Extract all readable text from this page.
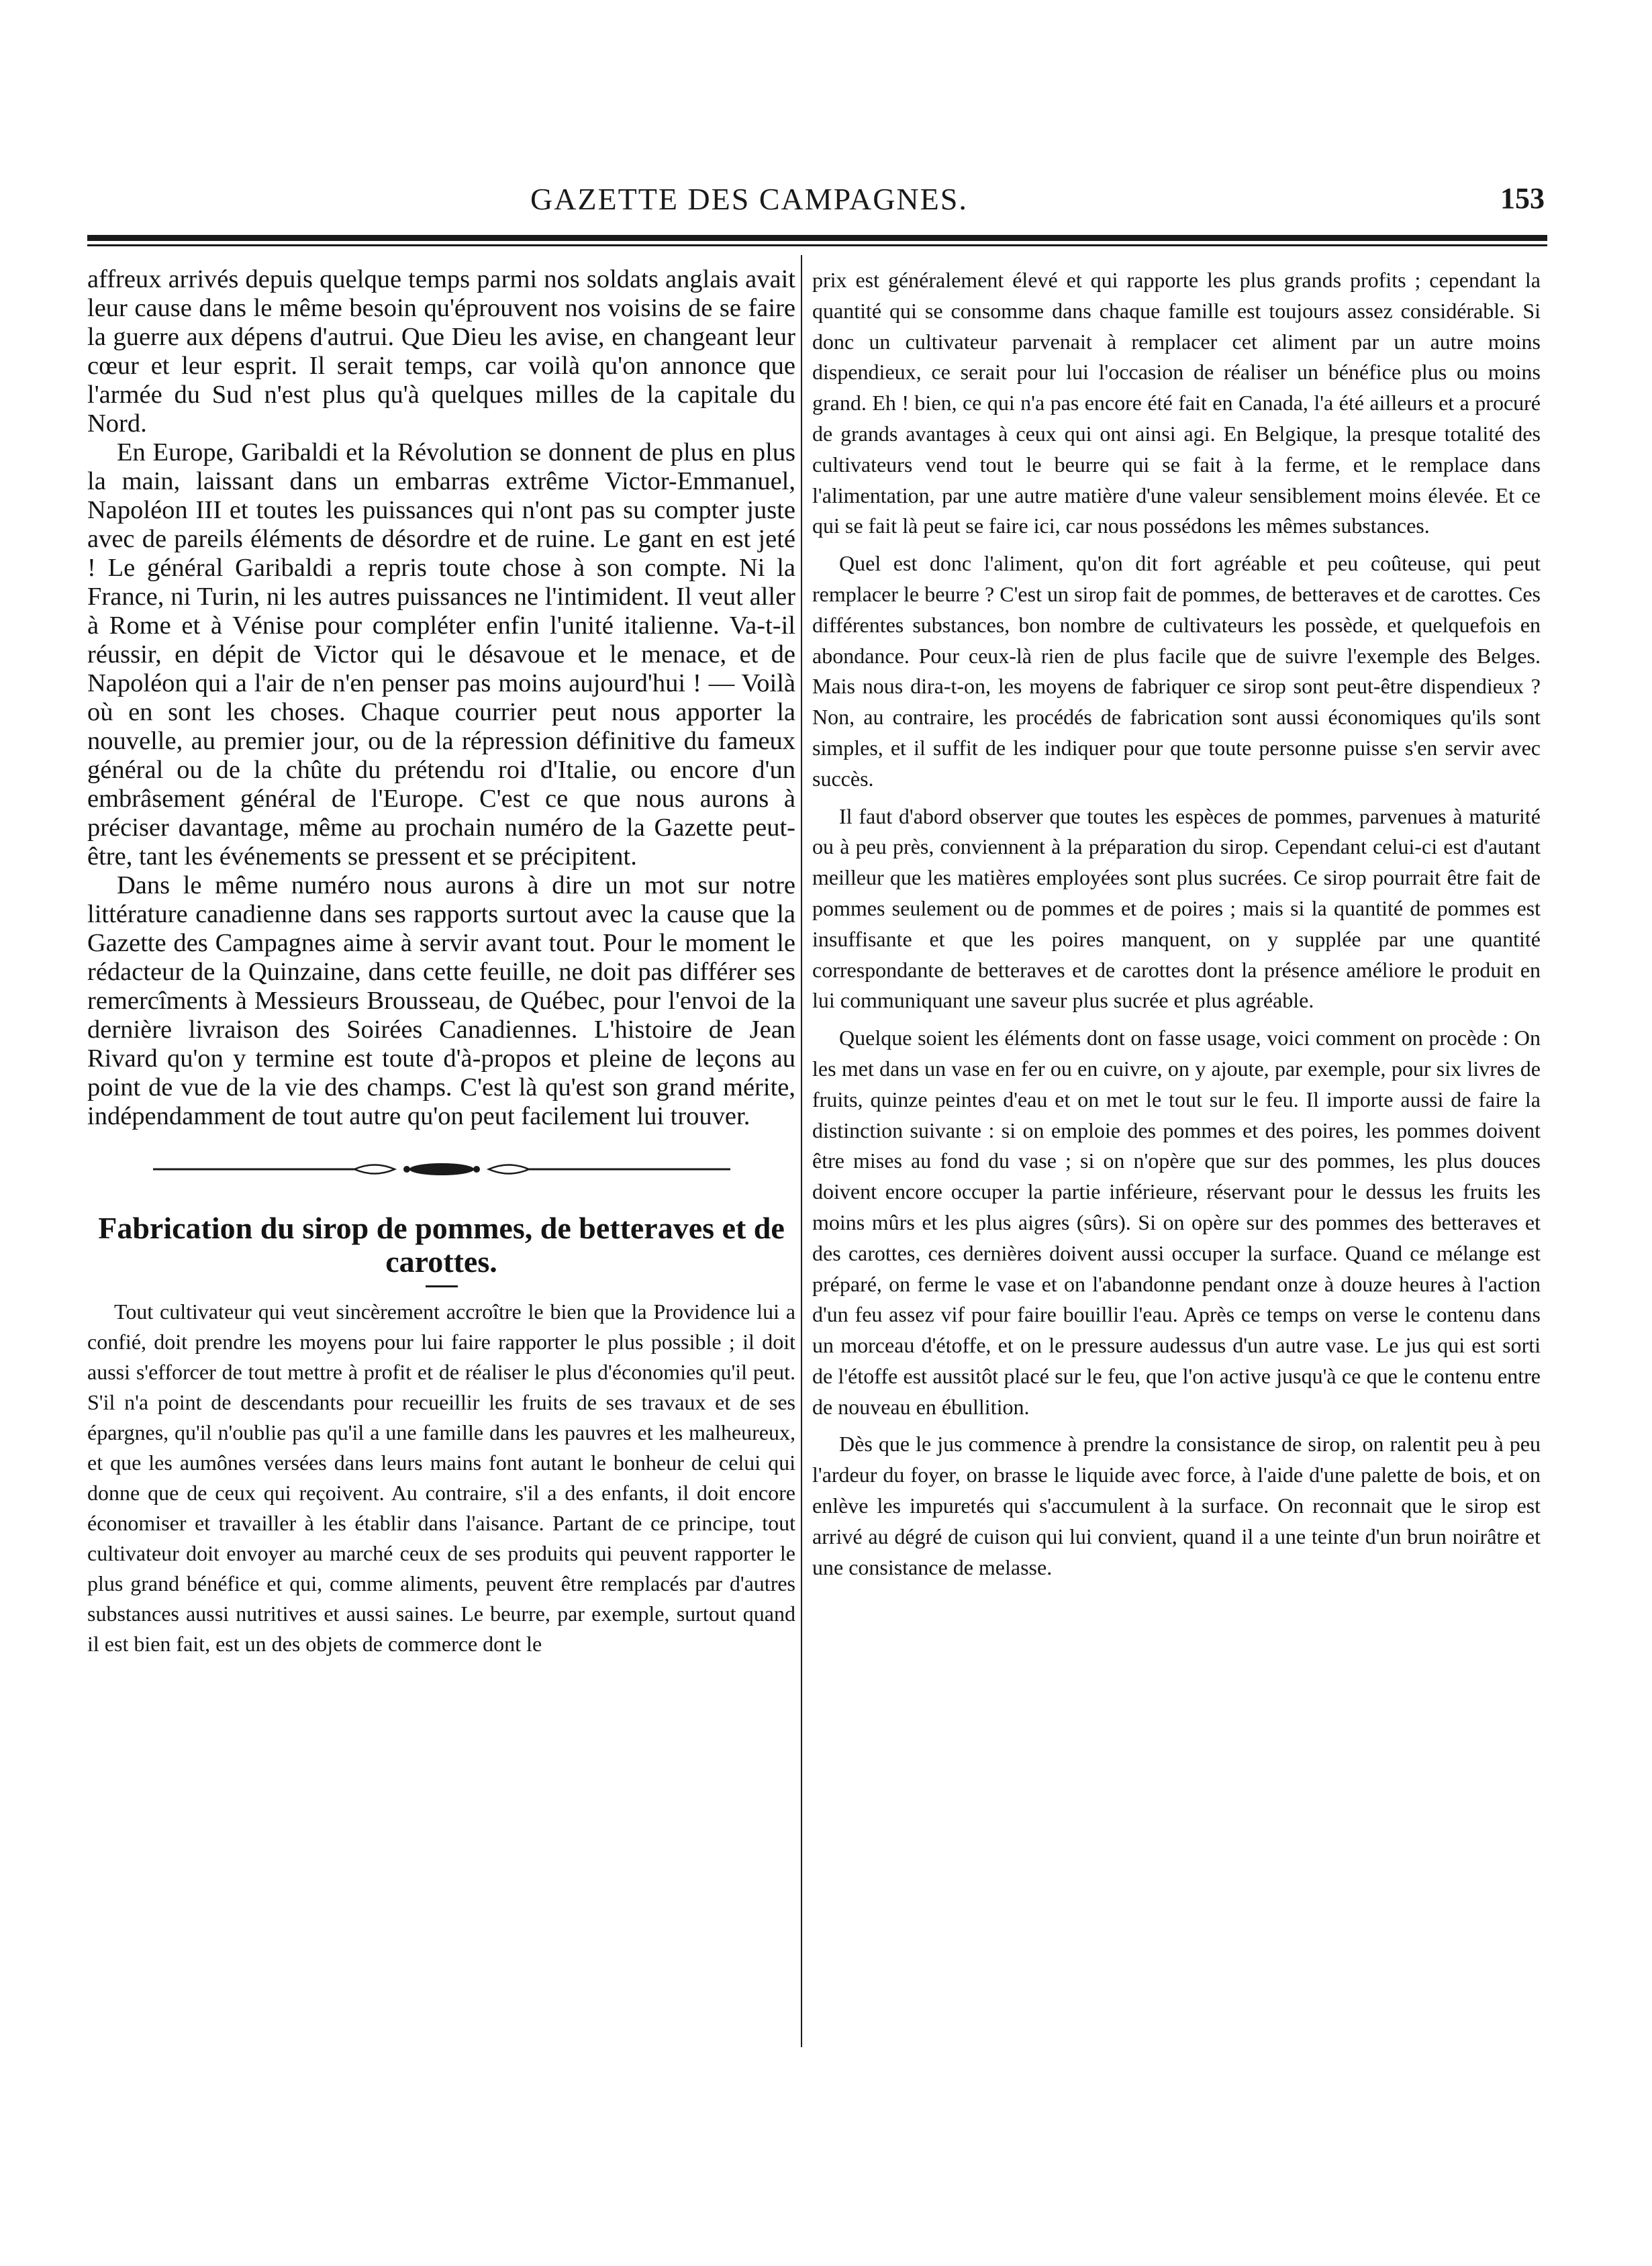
GAZETTE DES CAMPAGNES.	153

affreux arrivés depuis quelque temps parmi nos soldats anglais avait leur cause dans le même besoin qu'éprouvent nos voisins de se faire la guerre aux dépens d'autrui. Que Dieu les avise, en changeant leur cœur et leur esprit. Il serait temps, car voilà qu'on annonce que l'armée du Sud n'est plus qu'à quelques milles de la capitale du Nord.

En Europe, Garibaldi et la Révolution se donnent de plus en plus la main, laissant dans un embarras extrême Victor-Emmanuel, Napoléon III et toutes les puissances qui n'ont pas su compter juste avec de pareils éléments de désordre et de ruine. Le gant en est jeté ! Le général Garibaldi a repris toute chose à son compte. Ni la France, ni Turin, ni les autres puissances ne l'intimident. Il veut aller à Rome et à Vénise pour compléter enfin l'unité italienne. Va-t-il réussir, en dépit de Victor qui le désavoue et le menace, et de Napoléon qui a l'air de n'en penser pas moins aujourd'hui ! — Voilà où en sont les choses. Chaque courrier peut nous apporter la nouvelle, au premier jour, ou de la répression définitive du fameux général ou de la chûte du prétendu roi d'Italie, ou encore d'un embrâsement général de l'Europe. C'est ce que nous aurons à préciser davantage, même au prochain numéro de la Gazette peut-être, tant les événements se pressent et se précipitent.

Dans le même numéro nous aurons à dire un mot sur notre littérature canadienne dans ses rapports surtout avec la cause que la Gazette des Campagnes aime à servir avant tout. Pour le moment le rédacteur de la Quinzaine, dans cette feuille, ne doit pas différer ses remercîments à Messieurs Brousseau, de Québec, pour l'envoi de la dernière livraison des Soirées Canadiennes. L'histoire de Jean Rivard qu'on y termine est toute d'à-propos et pleine de leçons au point de vue de la vie des champs. C'est là qu'est son grand mérite, indépendamment de tout autre qu'on peut facilement lui trouver.

Fabrication du sirop de pommes, de betteraves et de carottes.

Tout cultivateur qui veut sincèrement accroître le bien que la Providence lui a confié, doit prendre les moyens pour lui faire rapporter le plus possible ; il doit aussi s'efforcer de tout mettre à profit et de réaliser le plus d'économies qu'il peut. S'il n'a point de descendants pour recueillir les fruits de ses travaux et de ses épargnes, qu'il n'oublie pas qu'il a une famille dans les pauvres et les malheureux, et que les aumônes versées dans leurs mains font autant le bonheur de celui qui donne que de ceux qui reçoivent. Au contraire, s'il a des enfants, il doit encore économiser et travailler à les établir dans l'aisance. Partant de ce principe, tout cultivateur doit envoyer au marché ceux de ses produits qui peuvent rapporter le plus grand bénéfice et qui, comme aliments, peuvent être remplacés par d'autres substances aussi nutritives et aussi saines. Le beurre, par exemple, surtout quand il est bien fait, est un des objets de commerce dont le

prix est généralement élevé et qui rapporte les plus grands profits ; cependant la quantité qui se consomme dans chaque famille est toujours assez considérable. Si donc un cultivateur parvenait à remplacer cet aliment par un autre moins dispendieux, ce serait pour lui l'occasion de réaliser un bénéfice plus ou moins grand. Eh ! bien, ce qui n'a pas encore été fait en Canada, l'a été ailleurs et a procuré de grands avantages à ceux qui ont ainsi agi. En Belgique, la presque totalité des cultivateurs vend tout le beurre qui se fait à la ferme, et le remplace dans l'alimentation, par une autre matière d'une valeur sensiblement moins élevée. Et ce qui se fait là peut se faire ici, car nous possédons les mêmes substances.

Quel est donc l'aliment, qu'on dit fort agréable et peu coûteuse, qui peut remplacer le beurre ? C'est un sirop fait de pommes, de betteraves et de carottes. Ces différentes substances, bon nombre de cultivateurs les possède, et quelquefois en abondance. Pour ceux-là rien de plus facile que de suivre l'exemple des Belges. Mais nous dira-t-on, les moyens de fabriquer ce sirop sont peut-être dispendieux ? Non, au contraire, les procédés de fabrication sont aussi économiques qu'ils sont simples, et il suffit de les indiquer pour que toute personne puisse s'en servir avec succès.

Il faut d'abord observer que toutes les espèces de pommes, parvenues à maturité ou à peu près, conviennent à la préparation du sirop. Cependant celui-ci est d'autant meilleur que les matières employées sont plus sucrées. Ce sirop pourrait être fait de pommes seulement ou de pommes et de poires ; mais si la quantité de pommes est insuffisante et que les poires manquent, on y supplée par une quantité correspondante de betteraves et de carottes dont la présence améliore le produit en lui communiquant une saveur plus sucrée et plus agréable.

Quelque soient les éléments dont on fasse usage, voici comment on procède : On les met dans un vase en fer ou en cuivre, on y ajoute, par exemple, pour six livres de fruits, quinze peintes d'eau et on met le tout sur le feu. Il importe aussi de faire la distinction suivante : si on emploie des pommes et des poires, les pommes doivent être mises au fond du vase ; si on n'opère que sur des pommes, les plus douces doivent encore occuper la partie inférieure, réservant pour le dessus les fruits les moins mûrs et les plus aigres (sûrs). Si on opère sur des pommes des betteraves et des carottes, ces dernières doivent aussi occuper la surface. Quand ce mélange est préparé, on ferme le vase et on l'abandonne pendant onze à douze heures à l'action d'un feu assez vif pour faire bouillir l'eau. Après ce temps on verse le contenu dans un morceau d'étoffe, et on le pressure audessus d'un autre vase. Le jus qui est sorti de l'étoffe est aussitôt placé sur le feu, que l'on active jusqu'à ce que le contenu entre de nouveau en ébullition.

Dès que le jus commence à prendre la consistance de sirop, on ralentit peu à peu l'ardeur du foyer, on brasse le liquide avec force, à l'aide d'une palette de bois, et on enlève les impuretés qui s'accumulent à la surface. On reconnait que le sirop est arrivé au dégré de cuison qui lui convient, quand il a une teinte d'un brun noirâtre et une consistance de melasse.
